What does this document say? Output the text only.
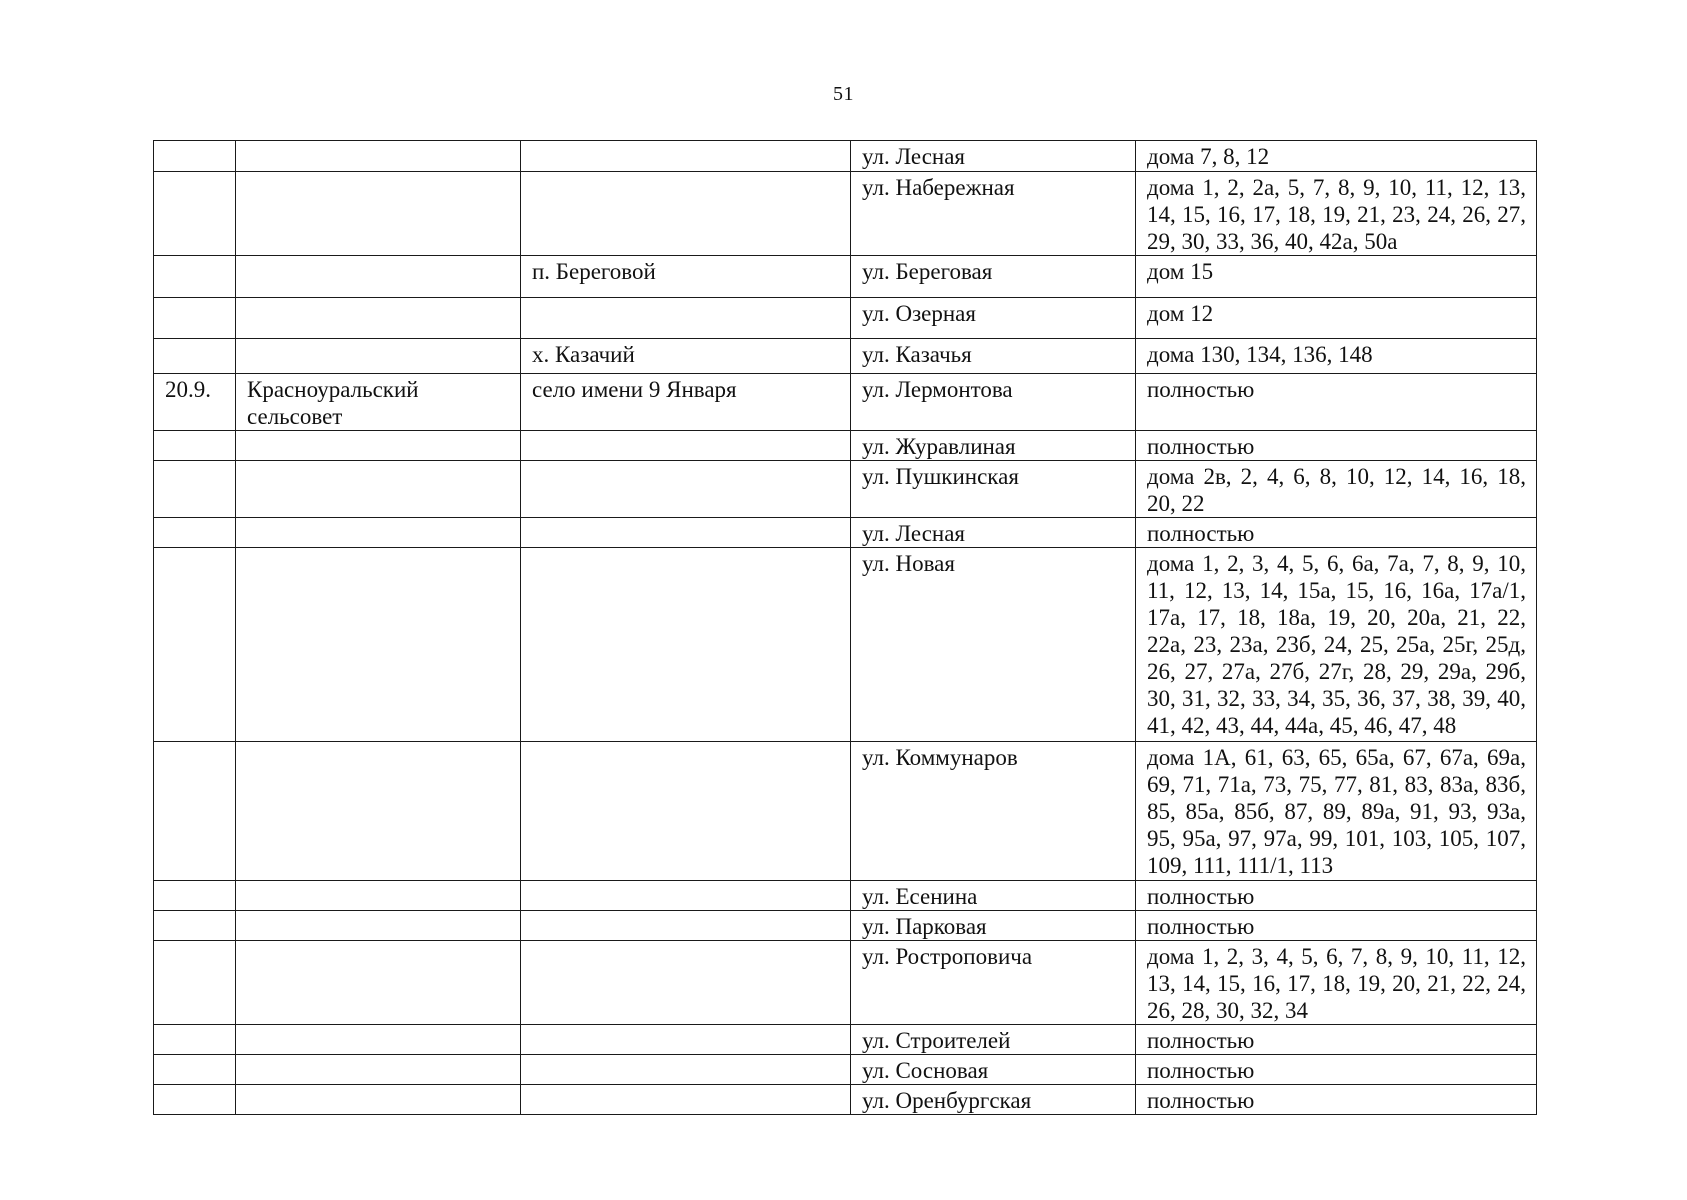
51
			ул. Лесная	дома 7, 8, 12
			ул. Набережная	дома 1, 2, 2а, 5, 7, 8, 9, 10, 11, 12, 13, 14, 15, 16, 17, 18, 19, 21, 23, 24, 26, 27, 29, 30, 33, 36, 40, 42а, 50а
		п. Береговой	ул. Береговая	дом 15
			ул. Озерная	дом 12
		х. Казачий	ул. Казачья	дома 130, 134, 136, 148
20.9.	Красноуральский сельсовет	село имени 9 Января	ул. Лермонтова	полностью
			ул. Журавлиная	полностью
			ул. Пушкинская	дома 2в, 2, 4, 6, 8, 10, 12, 14, 16, 18, 20, 22
			ул. Лесная	полностью
			ул. Новая	дома 1, 2, 3, 4, 5, 6, 6а, 7а, 7, 8, 9, 10, 11, 12, 13, 14, 15а, 15, 16, 16а, 17а/1, 17а, 17, 18, 18а, 19, 20, 20а, 21, 22, 22а, 23, 23а, 23б, 24, 25, 25а, 25г, 25д, 26, 27, 27а, 27б, 27г, 28, 29, 29а, 29б, 30, 31, 32, 33, 34, 35, 36, 37, 38, 39, 40, 41, 42, 43, 44, 44а, 45, 46, 47, 48
			ул. Коммунаров	дома 1А, 61, 63, 65, 65а, 67, 67а, 69а, 69, 71, 71а, 73, 75, 77, 81, 83, 83а, 83б, 85, 85а, 85б, 87, 89, 89а, 91, 93, 93а, 95, 95а, 97, 97а, 99, 101, 103, 105, 107, 109, 111, 111/1, 113
			ул. Есенина	полностью
			ул. Парковая	полностью
			ул. Ростроповича	дома 1, 2, 3, 4, 5, 6, 7, 8, 9, 10, 11, 12, 13, 14, 15, 16, 17, 18, 19, 20, 21, 22, 24, 26, 28, 30, 32, 34
			ул. Строителей	полностью
			ул. Сосновая	полностью
			ул. Оренбургская	полностью
